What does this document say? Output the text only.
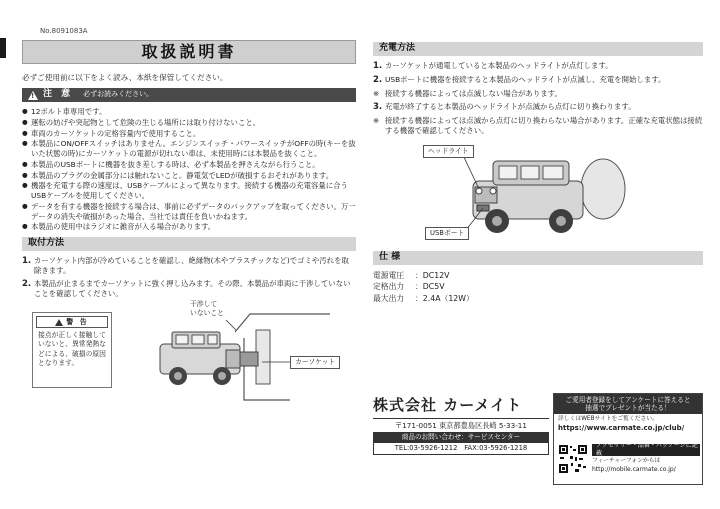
No.8091083A
取扱説明書
必ずご使用前に以下をよく読み、本紙を保管してください。
!
注 意 必ずお読みください。
● 12ボルト車専用です。
● 運転の妨げや突起物として危険の生じる場所には取り付けないこと。
● 車両のカーソケットの定格容量内で使用すること。
● 本製品にON/OFFスイッチはありません。エンジンスイッチ・パワースイッチがOFFの時(キーを抜いた状態の時)にカーソケットの電源が切れない車は、未使用時には本製品を抜くこと。
● 本製品のUSBポートに機器を抜き差しする時は、必ず本製品を押さえながら行うこと。
● 本製品のプラグの金属部分には触れないこと。静電気でLEDが破損するおそれがあります。
● 機器を充電する際の速度は、USBケーブルによって異なります。接続する機器の充電容量に合うUSBケーブルを使用してください。
● データを有する機器を接続する場合は、事前に必ずデータのバックアップを取ってください。万一データの消失や破損があった場合、当社では責任を負いかねます。
● 本製品の使用中はラジオに雑音が入る場合があります。
取付方法
1. カーソケット内部が冷めていることを確認し、絶縁物(木やプラスチックなど)でゴミや汚れを取除きます。
2. 本製品が止まるまでカーソケットに強く押し込みます。その際、本製品が車両に干渉していないことを確認してください。
警 告
接点が正しく接触していないと、異常発熱などによる、破損の原因となります。
干渉して
いないこと
カーソケット
充電方法
1. カーソケットが通電していると本製品のヘッドライトが点灯します。
2. USBポートに機器を接続すると本製品のヘッドライトが点滅し、充電を開始します。
※ 接続する機器によっては点滅しない場合があります。
3. 充電が終了すると本製品のヘッドライトが点滅から点灯に切り換わります。
※ 接続する機器によっては点滅から点灯に切り換わらない場合があります。正確な充電状態は接続する機器で確認してください。
ヘッドライト
USBポート
仕 様
電源電圧	：DC12V
定格出力	：DC5V
最大出力	：2.4A（12W）
株式会社 カーメイト
〒171-0051 東京都豊島区長崎 5-33-11
商品のお問い合わせ：サービスセンター
TEL:03-5926-1212　FAX:03-5926-1218
ご愛用者登録をしてアンケートに答えると
抽選でプレゼントが当たる！
詳しくはWEBサイトをご覧ください。
https://www.carmate.co.jp/club/
アクセサリー・品番・パッケージに記載
フィーチャーフォンからは
http://mobile.carmate.co.jp/
